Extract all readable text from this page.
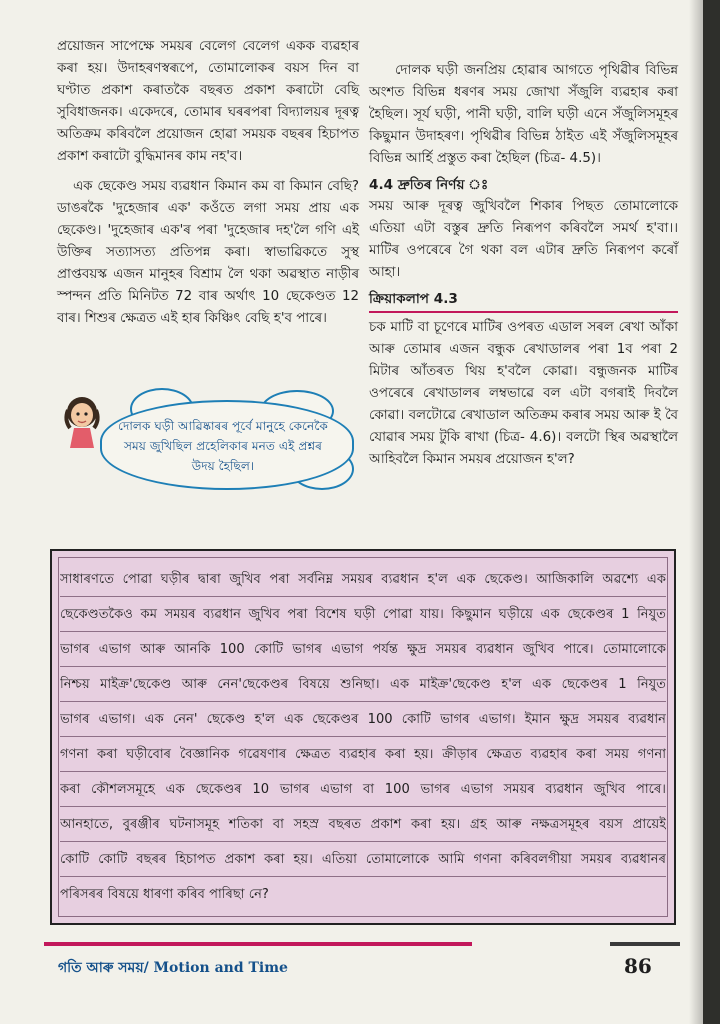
প্ৰয়োজন সাপেক্ষে সময়ৰ বেলেগ বেলেগ একক ব্যৱহাৰ কৰা হয়। উদাহৰণস্বৰূপে, তোমালোকৰ বয়স দিন বা ঘণ্টাত প্ৰকাশ কৰাতকৈ বছৰত প্ৰকাশ কৰাটো বেছি সুবিধাজনক। একেদৰে, তোমাৰ ঘৰৰপৰা বিদ্যালয়ৰ দূৰত্ব অতিক্ৰম কৰিবলৈ প্ৰয়োজন হোৱা সময়ক বছৰৰ হিচাপত প্ৰকাশ কৰাটো বুদ্ধিমানৰ কাম নহ'ব।

এক ছেকেণ্ড সময় ব্যৱধান কিমান কম বা কিমান বেছি? ডাঙৰকৈ 'দুহেজাৰ এক' কওঁতে লগা সময় প্ৰায় এক ছেকেণ্ড। 'দুহেজাৰ এক'ৰ পৰা 'দুহেজাৰ দহ'লৈ গণি এই উক্তিৰ সত্যাসত্য প্ৰতিপন্ন কৰা। স্বাভাৱিকতে সুস্থ প্ৰাপ্তবয়স্ক এজন মানুহৰ বিশ্ৰাম লৈ থকা অৱস্থাত নাড়ীৰ স্পন্দন প্ৰতি মিনিটত 72 বাৰ অৰ্থাৎ 10 ছেকেণ্ডত 12 বাৰ। শিশুৰ ক্ষেত্ৰত এই হাৰ কিঞ্চিৎ বেছি হ'ব পাৰে।

দোলক ঘড়ী আৱিষ্কাৰৰ পূৰ্বে মানুহে কেনেকৈ সময় জুখিছিল প্ৰহেলিকাৰ মনত এই প্ৰশ্নৰ উদয় হৈছিল।

দোলক ঘড়ী জনপ্ৰিয় হোৱাৰ আগতে পৃথিৱীৰ বিভিন্ন অংশত বিভিন্ন ধৰণৰ সময় জোখা সঁজুলি ব্যৱহাৰ কৰা হৈছিল। সূৰ্য ঘড়ী, পানী ঘড়ী, বালি ঘড়ী এনে সঁজুলিসমূহৰ কিছুমান উদাহৰণ। পৃথিৱীৰ বিভিন্ন ঠাইত এই সঁজুলিসমূহৰ বিভিন্ন আৰ্হি প্ৰস্তুত কৰা হৈছিল (চিত্ৰ- 4.5)।

4.4 দ্ৰুতিৰ নিৰ্ণয় ঃ

সময় আৰু দূৰত্ব জুখিবলৈ শিকাৰ পিছত তোমালোকে এতিয়া এটা বস্তুৰ দ্ৰুতি নিৰূপণ কৰিবলৈ সমৰ্থ হ'বা।। মাটিৰ ওপৰেৰে গৈ থকা বল এটাৰ দ্ৰুতি নিৰূপণ কৰোঁ আহা।

ক্ৰিয়াকলাপ 4.3

চক মাটি বা চূণেৰে মাটিৰ ওপৰত এডাল সৰল ৰেখা আঁকা আৰু তোমাৰ এজন বন্ধুক ৰেখাডালৰ পৰা 1ব পৰা 2 মিটাৰ আঁতৰত থিয় হ'বলৈ কোৱা। বন্ধুজনক মাটিৰ ওপৰেৰে ৰেখাডালৰ লম্বভাৱে বল এটা বগৰাই দিবলৈ কোৱা। বলটোৱে ৰেখাডাল অতিক্ৰম কৰাৰ সময় আৰু ই বৈ যোৱাৰ সময় টুকি ৰাখা (চিত্ৰ- 4.6)। বলটো স্থিৰ অৱস্থালৈ আহিবলৈ কিমান সময়ৰ প্ৰয়োজন হ'ল?

সাধাৰণতে পোৱা ঘড়ীৰ দ্বাৰা জুখিব পৰা সৰ্বনিম্ন সময়ৰ ব্যৱধান হ'ল এক ছেকেণ্ড। আজিকালি অৱশ্যে এক
ছেকেণ্ডতকৈও কম সময়ৰ ব্যৱধান জুখিব পৰা বিশেষ ঘড়ী পোৱা যায়। কিছুমান ঘড়ীয়ে এক ছেকেণ্ডৰ 1 নিযুত
ভাগৰ এভাগ আৰু আনকি 100 কোটি ভাগৰ এভাগ পৰ্যন্ত ক্ষুদ্ৰ সময়ৰ ব্যৱধান জুখিব পাৰে। তোমালোকে
নিশ্চয় মাইক্ৰ'ছেকেণ্ড আৰু নেন'ছেকেণ্ডৰ বিষয়ে শুনিছা। এক মাইক্ৰ'ছেকেণ্ড হ'ল এক ছেকেণ্ডৰ 1 নিযুত
ভাগৰ এভাগ। এক নেন' ছেকেণ্ড হ'ল এক ছেকেণ্ডৰ 100 কোটি ভাগৰ এভাগ। ইমান ক্ষুদ্ৰ সময়ৰ ব্যৱধান
গণনা কৰা ঘড়ীবোৰ বৈজ্ঞানিক গৱেষণাৰ ক্ষেত্ৰত ব্যৱহাৰ কৰা হয়। ক্ৰীড়াৰ ক্ষেত্ৰত ব্যৱহাৰ কৰা সময় গণনা
কৰা কৌশলসমূহে এক ছেকেণ্ডৰ 10 ভাগৰ এভাগ বা 100 ভাগৰ এভাগ সময়ৰ ব্যৱধান জুখিব পাৰে।
আনহাতে, বুৰঞ্জীৰ ঘটনাসমূহ শতিকা বা সহস্ৰ বছৰত প্ৰকাশ কৰা হয়। গ্ৰহ আৰু নক্ষত্ৰসমূহৰ বয়স প্ৰায়েই
কোটি কোটি বছৰৰ হিচাপত প্ৰকাশ কৰা হয়। এতিয়া তোমালোকে আমি গণনা কৰিবলগীয়া সময়ৰ ব্যৱধানৰ
পৰিসৰৰ বিষয়ে ধাৰণা কৰিব পাৰিছা নে?
গতি আৰু সময়/ Motion and Time	86
